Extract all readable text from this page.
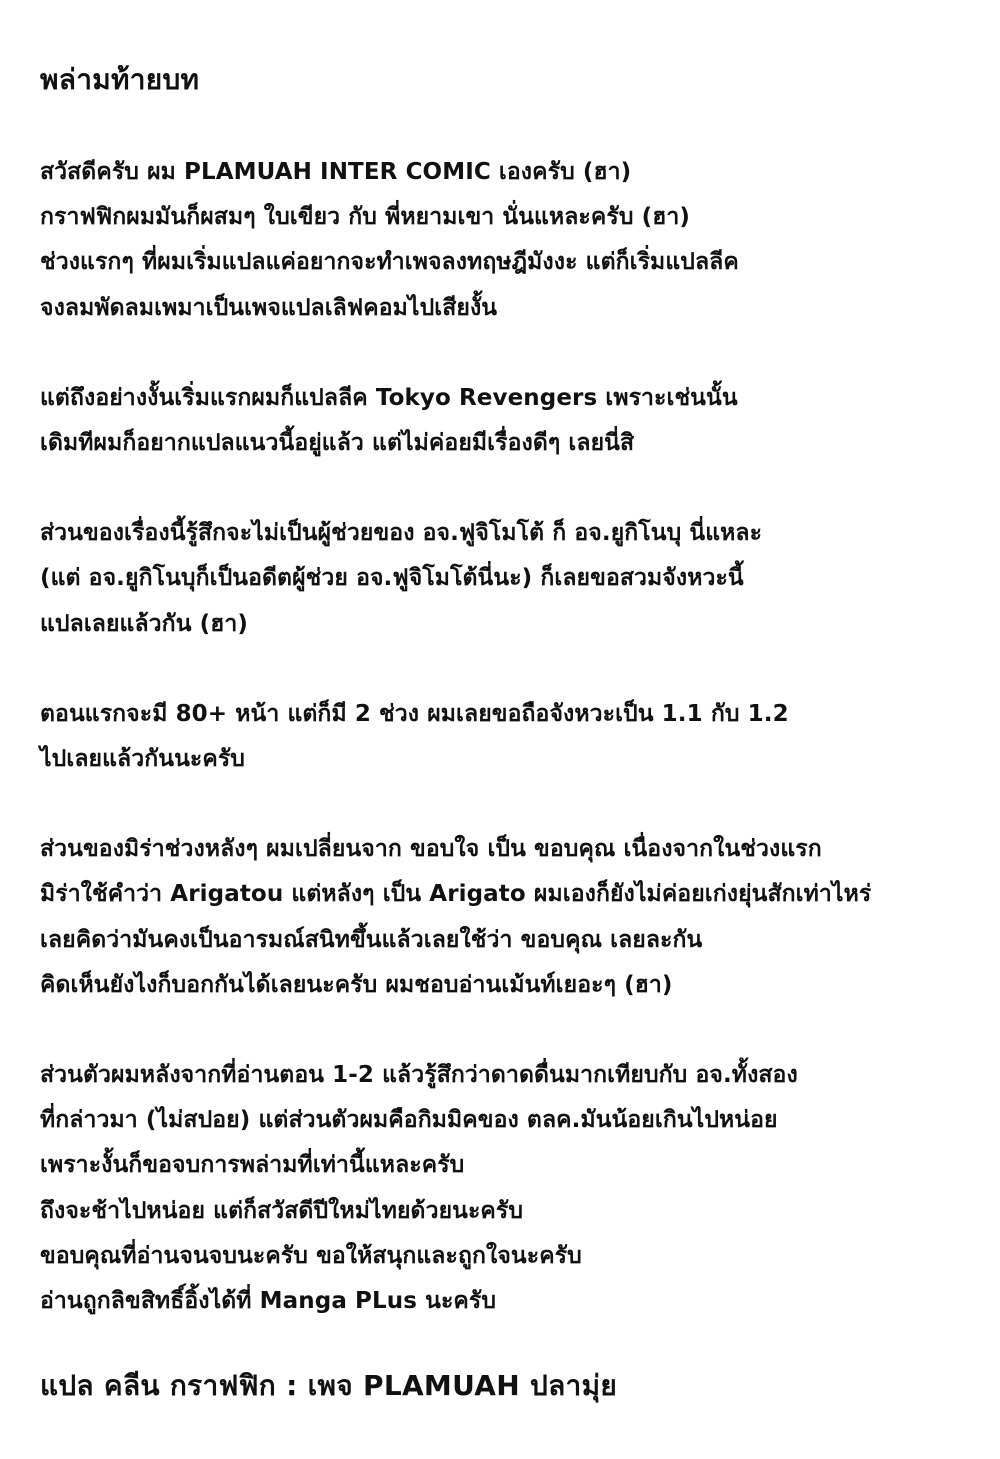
พล่ามท้ายบท
สวัสดีครับ ผม PLAMUAH INTER COMIC เองครับ (ฮา)
กราฟฟิกผมมันก็ผสมๆ ใบเขียว กับ พี่หยามเขา นั่นแหละครับ (ฮา)
ช่วงแรกๆ ที่ผมเริ่มแปลแค่อยากจะทำเพจลงทฤษฎีมังงะ แต่ก็เริ่มแปลลีค
จงลมพัดลมเพมาเป็นเพจแปลเลิฟคอมไปเสียงั้น
แต่ถึงอย่างงั้นเริ่มแรกผมก็แปลลีค Tokyo Revengers เพราะเช่นนั้น
เดิมทีผมก็อยากแปลแนวนี้อยู่แล้ว แต่ไม่ค่อยมีเรื่องดีๆ เลยนี่สิ
ส่วนของเรื่องนี้รู้สึกจะไม่เป็นผู้ช่วยของ อจ.ฟูจิโมโต้ ก็ อจ.ยูกิโนบุ นี่แหละ
(แต่ อจ.ยูกิโนบุก็เป็นอดีตผู้ช่วย อจ.ฟูจิโมโต้นี่นะ) ก็เลยขอสวมจังหวะนี้
แปลเลยแล้วกัน (ฮา)
ตอนแรกจะมี 80+ หน้า แต่ก็มี 2 ช่วง ผมเลยขอถือจังหวะเป็น 1.1 กับ 1.2
ไปเลยแล้วกันนะครับ
ส่วนของมิร่าช่วงหลังๆ ผมเปลี่ยนจาก ขอบใจ เป็น ขอบคุณ เนื่องจากในช่วงแรก
มิร่าใช้คำว่า Arigatou แต่หลังๆ เป็น Arigato ผมเองก็ยังไม่ค่อยเก่งยุ่นสักเท่าไหร่
เลยคิดว่ามันคงเป็นอารมณ์สนิทขึ้นแล้วเลยใช้ว่า ขอบคุณ เลยละกัน
คิดเห็นยังไงก็บอกกันได้เลยนะครับ ผมชอบอ่านเม้นท์เยอะๆ (ฮา)
ส่วนตัวผมหลังจากที่อ่านตอน 1-2 แล้วรู้สึกว่าดาดดื่นมากเทียบกับ อจ.ทั้งสอง
ที่กล่าวมา (ไม่สปอย) แต่ส่วนตัวผมคือกิมมิคของ ตลค.มันน้อยเกินไปหน่อย
เพราะงั้นก็ขอจบการพล่ามที่เท่านี้แหละครับ
ถึงจะช้าไปหน่อย แต่ก็สวัสดีปีใหม่ไทยด้วยนะครับ
ขอบคุณที่อ่านจนจบนะครับ ขอให้สนุกและถูกใจนะครับ
อ่านถูกลิขสิทธิ์อิ้งได้ที่ Manga PLus นะครับ

แปล คลีน กราฟฟิก : เพจ PLAMUAH ปลามุ่ย
